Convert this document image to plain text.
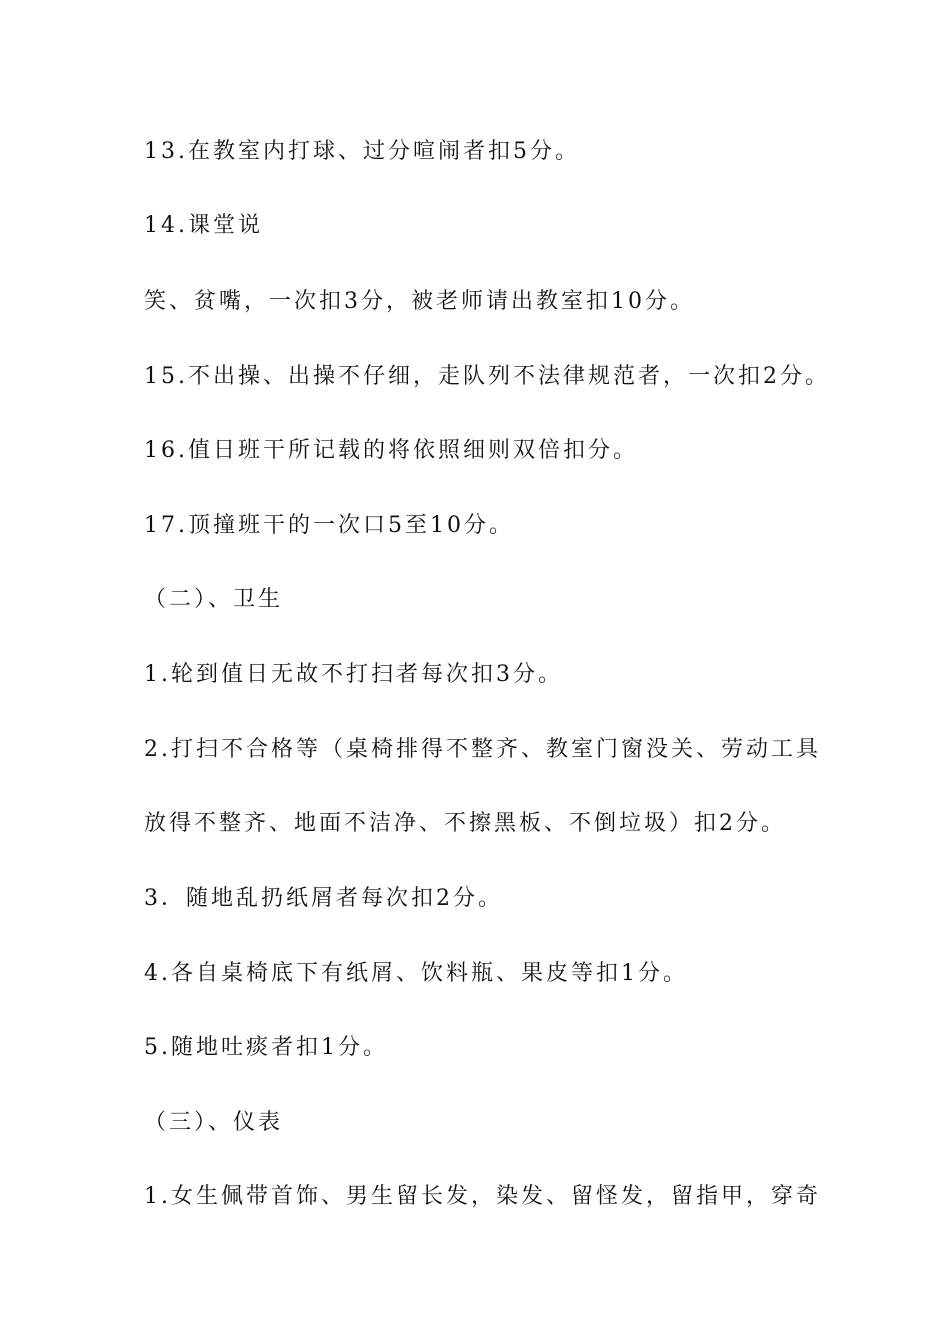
13.在教室内打球、过分喧闹者扣5分。
14.课堂说
笑、贫嘴，一次扣3分，被老师请出教室扣10分。
15.不出操、出操不仔细，走队列不法律规范者，一次扣2分。
16.值日班干所记载的将依照细则双倍扣分。
17.顶撞班干的一次口5至10分。
（二）、卫生
1.轮到值日无故不打扫者每次扣3分。
2.打扫不合格等（桌椅排得不整齐、教室门窗没关、劳动工具
放得不整齐、地面不洁净、不擦黑板、不倒垃圾）扣2分。
3．随地乱扔纸屑者每次扣2分。
4.各自桌椅底下有纸屑、饮料瓶、果皮等扣1分。
5.随地吐痰者扣1分。
（三）、仪表
1.女生佩带首饰、男生留长发，染发、留怪发，留指甲，穿奇
